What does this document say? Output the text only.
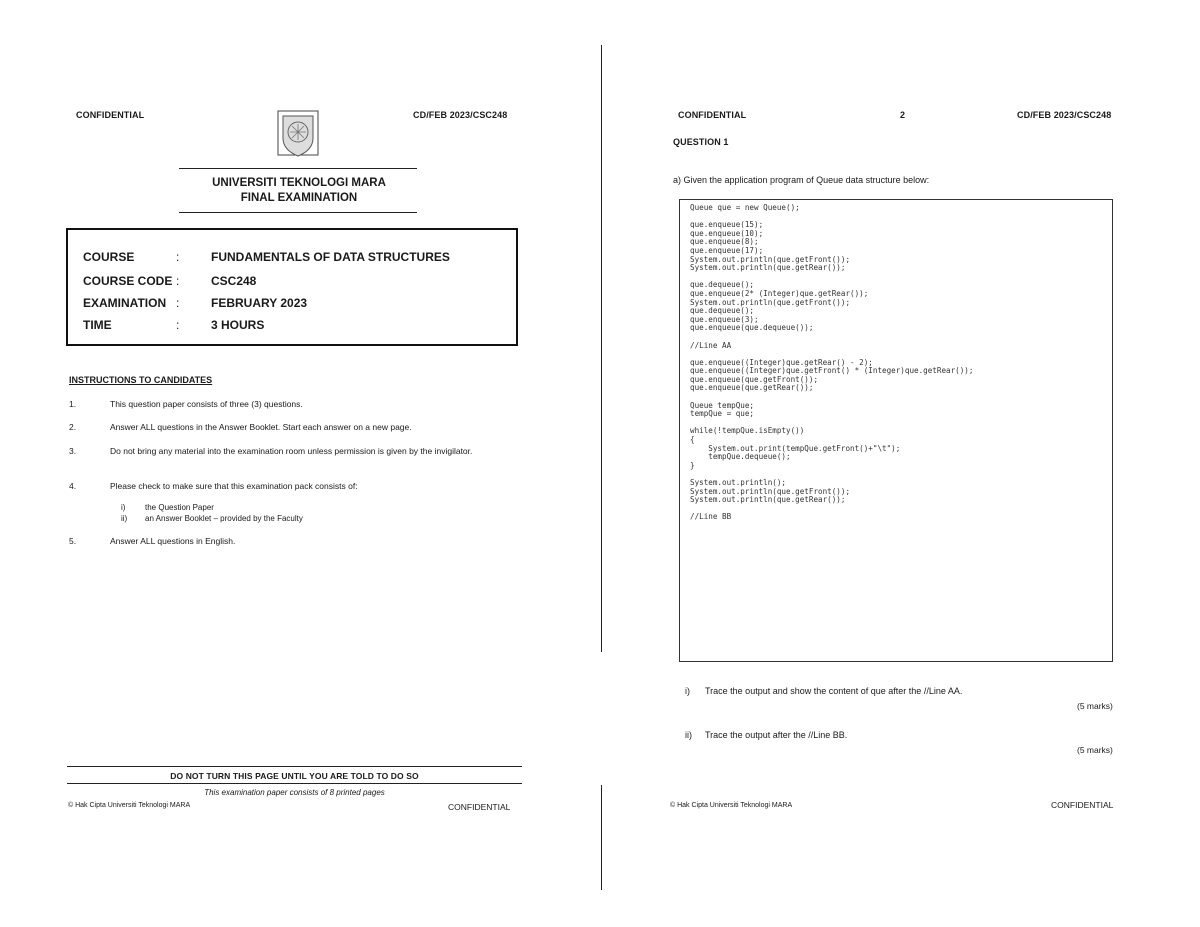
CONFIDENTIAL	CD/FEB 2023/CSC248
UNIVERSITI TEKNOLOGI MARA
FINAL EXAMINATION
COURSE	:	FUNDAMENTALS OF DATA STRUCTURES
COURSE CODE :	CSC248
EXAMINATION :	FEBRUARY 2023
TIME	:	3 HOURS
INSTRUCTIONS TO CANDIDATES
1.	This question paper consists of three (3) questions.
2.	Answer ALL questions in the Answer Booklet. Start each answer on a new page.
3.	Do not bring any material into the examination room unless permission is given by the invigilator.
4.	Please check to make sure that this examination pack consists of:
i) the Question Paper
ii) an Answer Booklet – provided by the Faculty
5.	Answer ALL questions in English.
DO NOT TURN THIS PAGE UNTIL YOU ARE TOLD TO DO SO
This examination paper consists of 8 printed pages
© Hak Cipta Universiti Teknologi MARA	CONFIDENTIAL
CONFIDENTIAL	2	CD/FEB 2023/CSC248
QUESTION 1
a) Given the application program of Queue data structure below:
Queue que = new Queue();

que.enqueue(15);
que.enqueue(10);
que.enqueue(8);
que.enqueue(17);
System.out.println(que.getFront());
System.out.println(que.getRear());

que.dequeue();
que.enqueue(2* (Integer)que.getRear());
System.out.println(que.getFront());
que.dequeue();
que.enqueue(3);
que.enqueue(que.dequeue());

//Line AA

que.enqueue((Integer)que.getRear() - 2);
que.enqueue((Integer)que.getFront() * (Integer)que.getRear());
que.enqueue(que.getFront());
que.enqueue(que.getRear());

Queue tempQue;
tempQue = que;

while(!tempQue.isEmpty())
{
System.out.print(tempQue.getFront()+"\t");
tempQue.dequeue();
}

System.out.println();
System.out.println(que.getFront());
System.out.println(que.getRear());

//Line BB
i) Trace the output and show the content of que after the //Line AA.
(5 marks)
ii) Trace the output after the //Line BB.
(5 marks)
© Hak Cipta Universiti Teknologi MARA	CONFIDENTIAL
